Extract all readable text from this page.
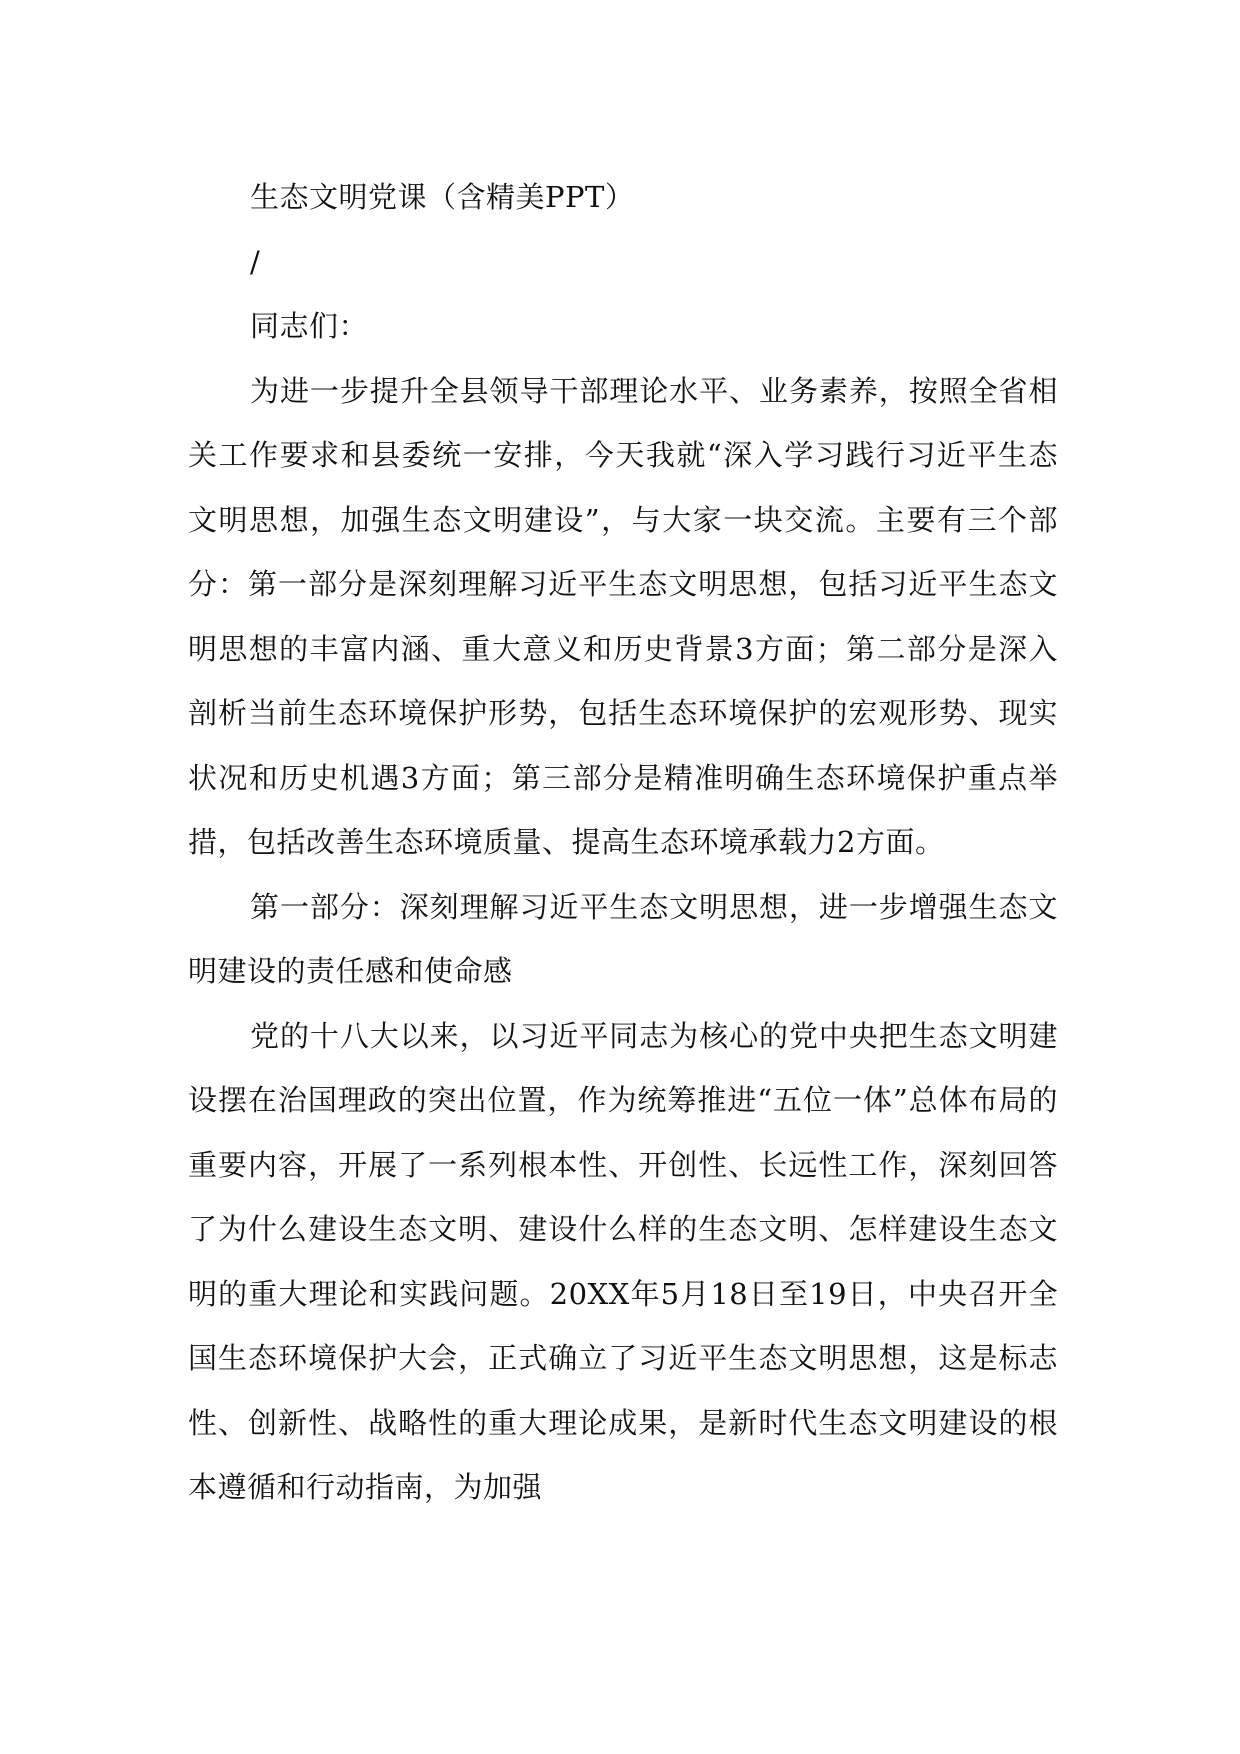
生态文明党课（含精美PPT）

/

同志们：

为进一步提升全县领导干部理论水平、业务素养，按照全省相关工作要求和县委统一安排，今天我就“深入学习践行习近平生态文明思想，加强生态文明建设”，与大家一块交流。主要有三个部分：第一部分是深刻理解习近平生态文明思想，包括习近平生态文明思想的丰富内涵、重大意义和历史背景3方面；第二部分是深入剖析当前生态环境保护形势，包括生态环境保护的宏观形势、现实状况和历史机遇3方面；第三部分是精准明确生态环境保护重点举措，包括改善生态环境质量、提高生态环境承载力2方面。

第一部分：深刻理解习近平生态文明思想，进一步增强生态文明建设的责任感和使命感

党的十八大以来，以习近平同志为核心的党中央把生态文明建设摆在治国理政的突出位置，作为统筹推进“五位一体”总体布局的重要内容，开展了一系列根本性、开创性、长远性工作，深刻回答了为什么建设生态文明、建设什么样的生态文明、怎样建设生态文明的重大理论和实践问题。20XX年5月18日至19日，中央召开全国生态环境保护大会，正式确立了习近平生态文明思想，这是标志性、创新性、战略性的重大理论成果，是新时代生态文明建设的根本遵循和行动指南，为加强
